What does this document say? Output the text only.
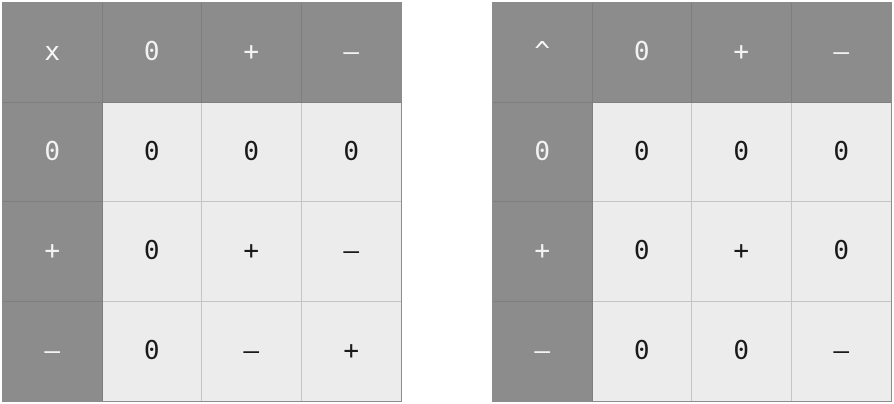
x	0	+	–
0	0	0	0
+	0	+	–
–	0	–	+
^	0	+	–
0	0	0	0
+	0	+	0
–	0	0	–
